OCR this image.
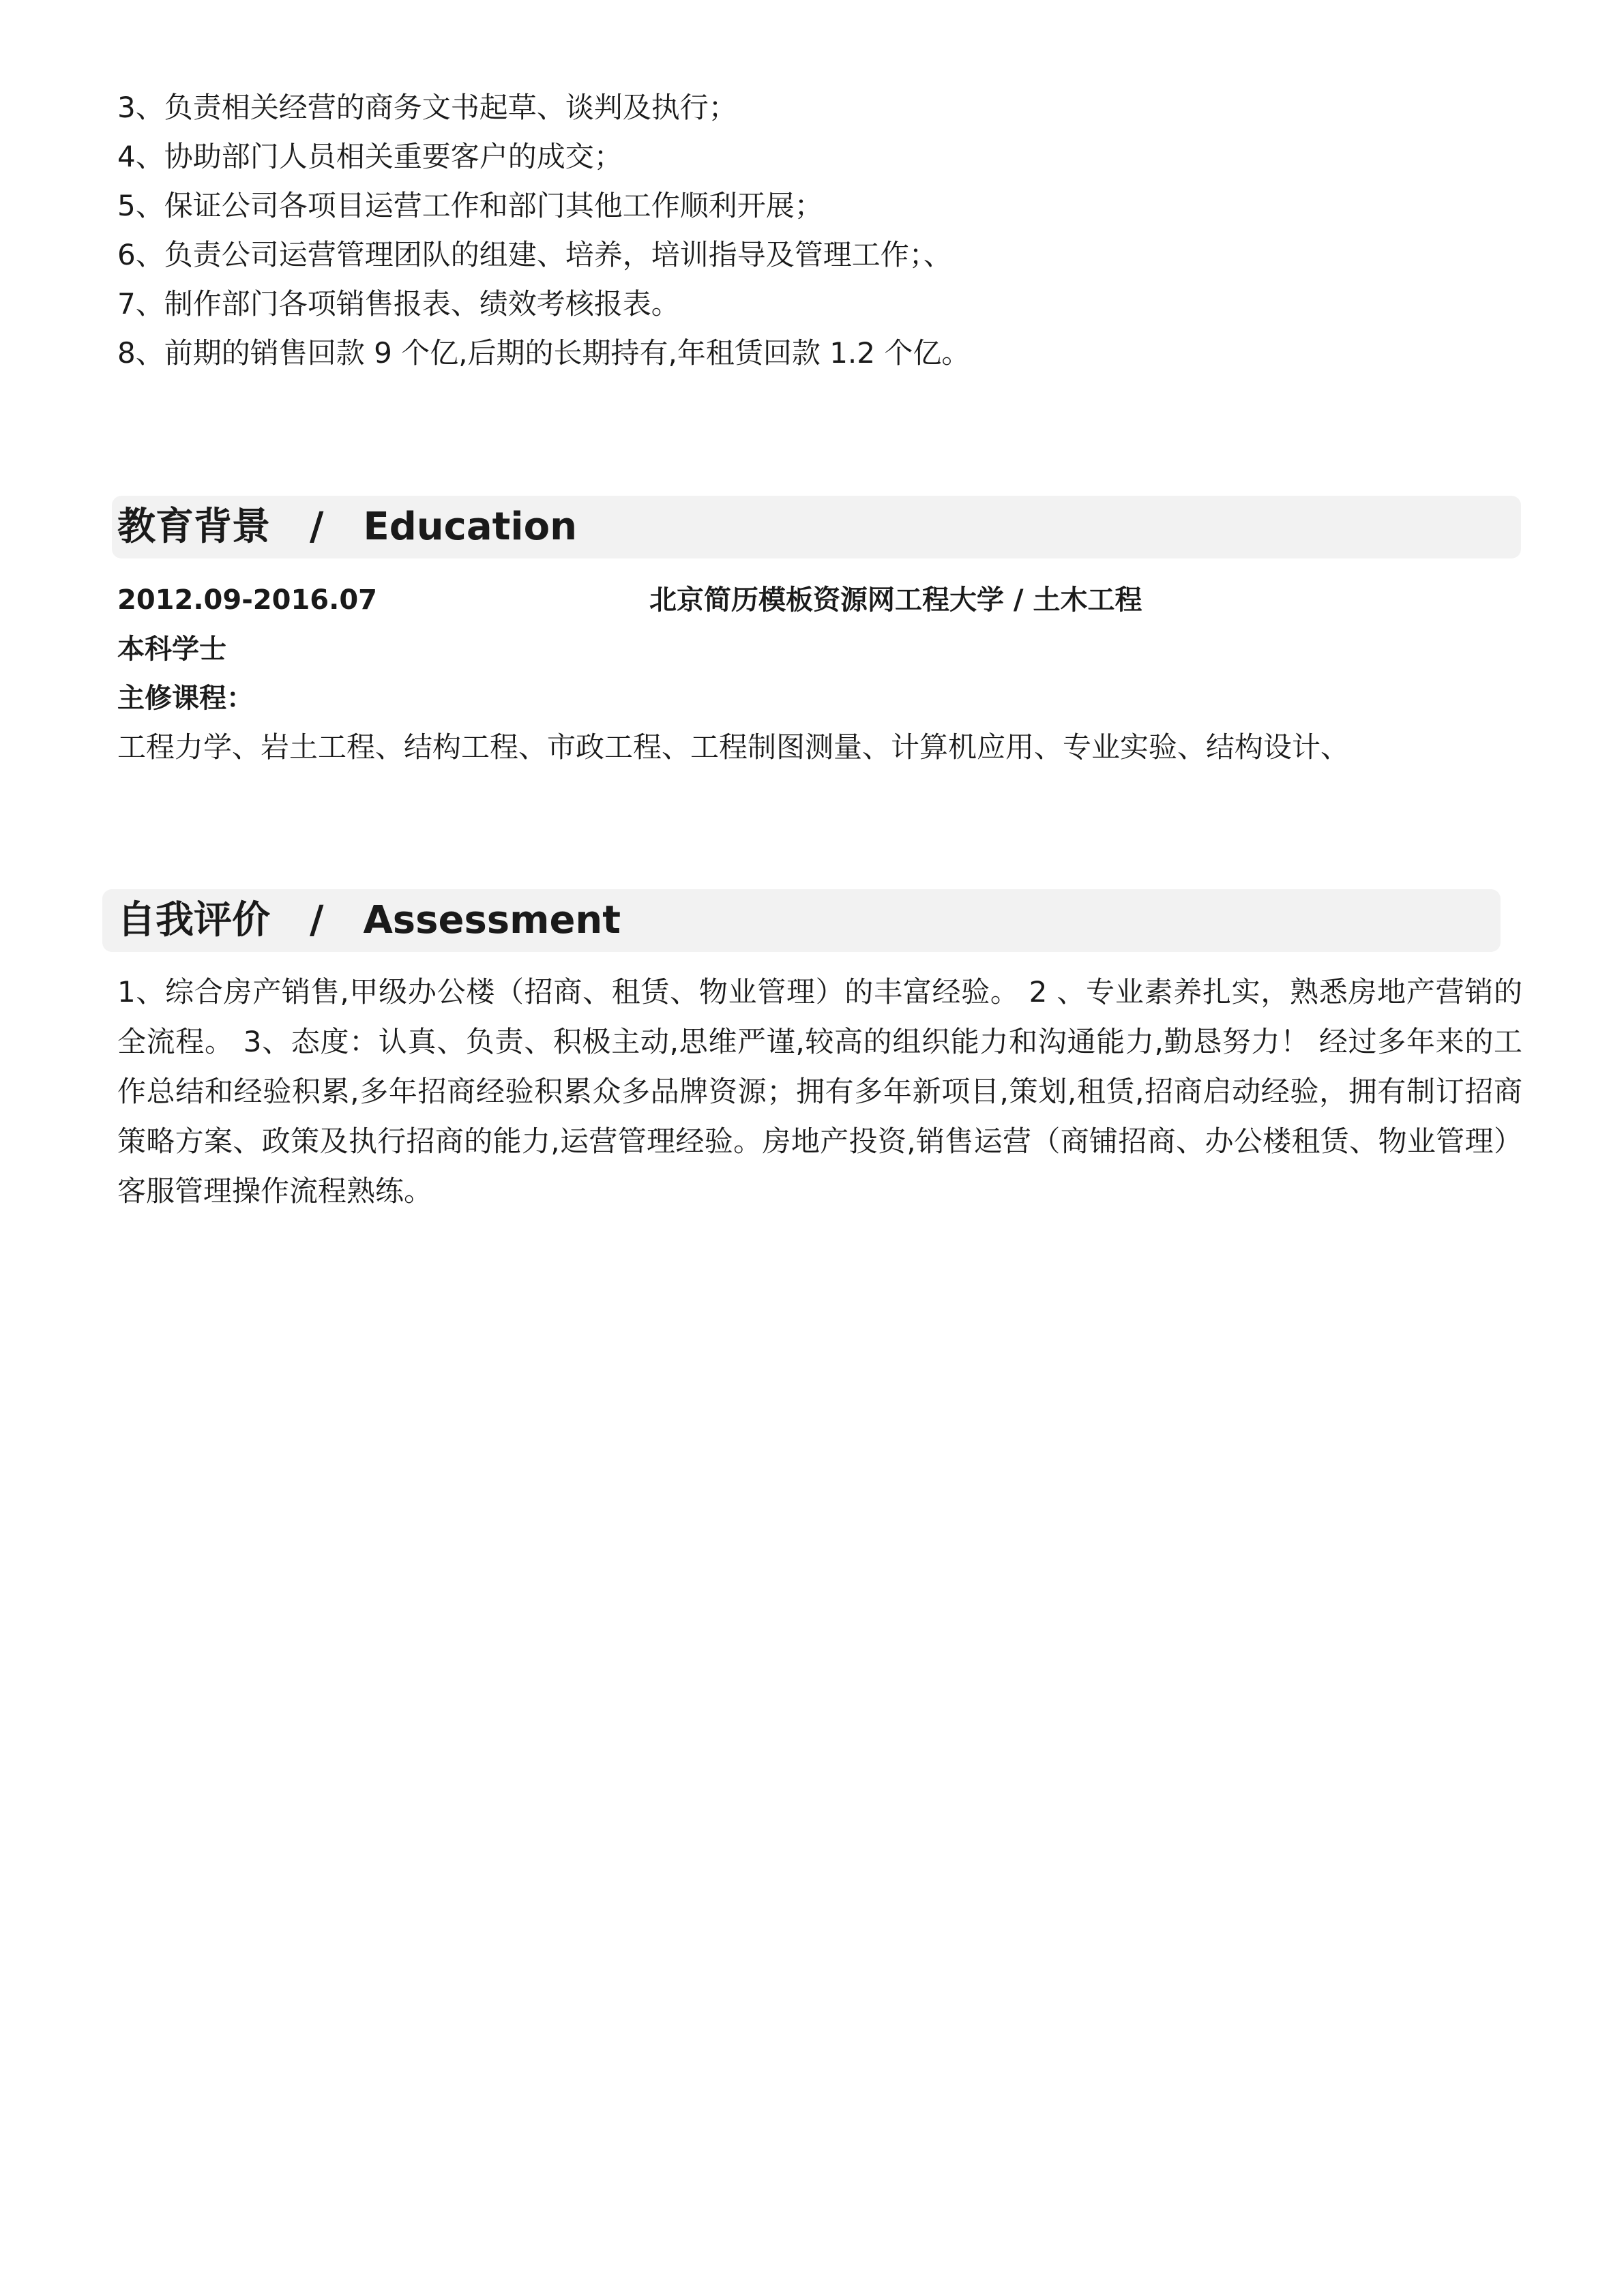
3、负责相关经营的商务文书起草、谈判及执行；
4、协助部门人员相关重要客户的成交；
5、保证公司各项目运营工作和部门其他工作顺利开展；
6、负责公司运营管理团队的组建、培养，培训指导及管理工作；、
7、制作部门各项销售报表、绩效考核报表。
8、前期的销售回款 9 个亿,后期的长期持有,年租赁回款 1.2 个亿。
教育背景 / Education
2012.09-2016.07	北京简历模板资源网工程大学 / 土木工程
本科学士
主修课程：
工程力学、岩土工程、结构工程、市政工程、工程制图测量、计算机应用、专业实验、结构设计、
自我评价 / Assessment
1、综合房产销售,甲级办公楼（招商、租赁、物业管理）的丰富经验。 2 、专业素养扎实，熟悉房地产营销的全流程。 3、态度：认真、负责、积极主动,思维严谨,较高的组织能力和沟通能力,勤恳努力！ 经过多年来的工作总结和经验积累,多年招商经验积累众多品牌资源；拥有多年新项目,策划,租赁,招商启动经验，拥有制订招商策略方案、政策及执行招商的能力,运营管理经验。房地产投资,销售运营（商铺招商、办公楼租赁、物业管理）客服管理操作流程熟练。
